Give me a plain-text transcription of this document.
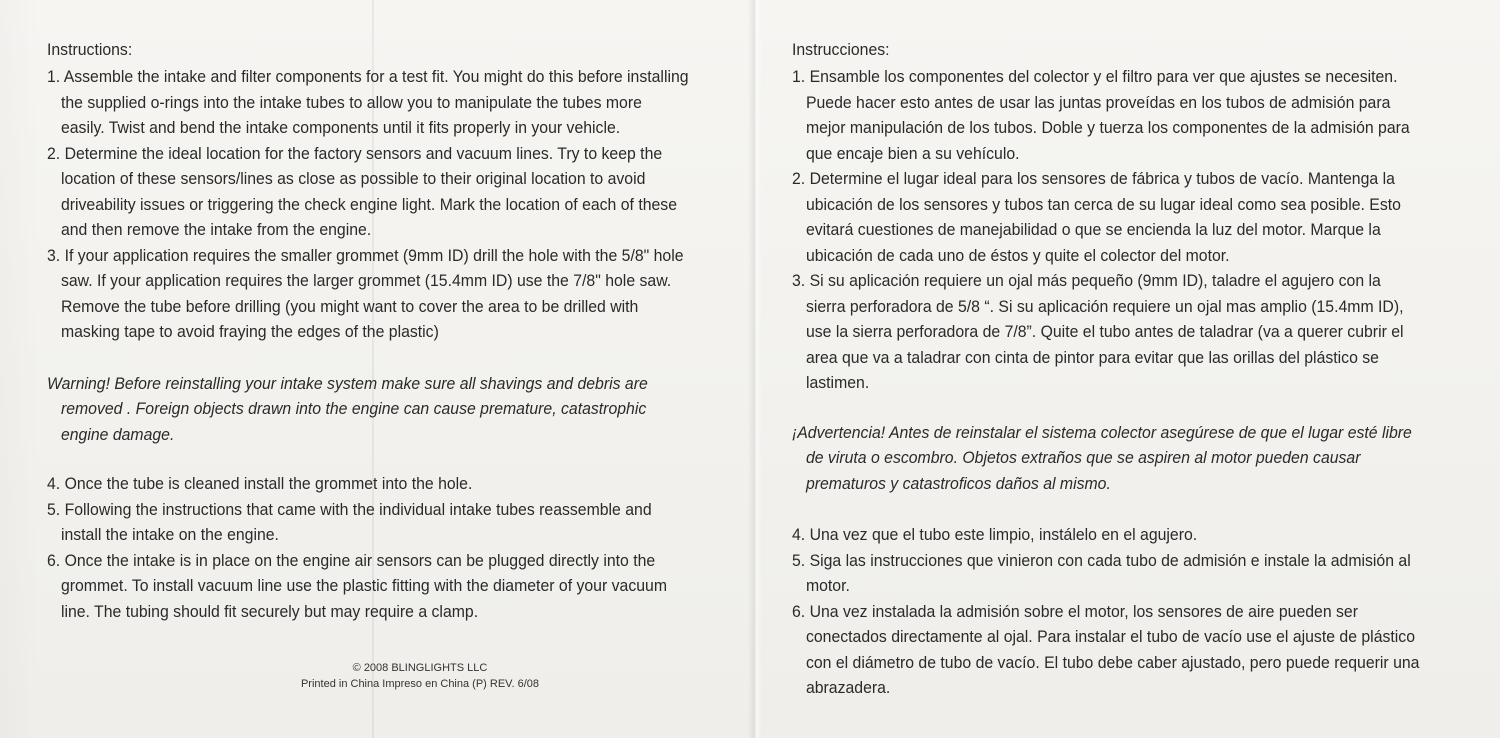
Instructions:
1. Assemble the intake and filter components for a test fit. You might do this before installing the supplied o-rings into the intake tubes to allow you to manipulate the tubes more easily. Twist and bend the intake components until it fits properly in your vehicle.
2. Determine the ideal location for the factory sensors and vacuum lines. Try to keep the location of these sensors/lines as close as possible to their original location to avoid driveability issues or triggering the check engine light. Mark the location of each of these and then remove the intake from the engine.
3. If your application requires the smaller grommet (9mm ID) drill the hole with the 5/8" hole saw. If your application requires the larger grommet (15.4mm ID) use the 7/8" hole saw. Remove the tube before drilling (you might want to cover the area to be drilled with masking tape to avoid fraying the edges of the plastic)
Warning! Before reinstalling your intake system make sure all shavings and debris are removed . Foreign objects drawn into the engine can cause premature, catastrophic engine damage.
4. Once the tube is cleaned install the grommet into the hole.
5. Following the instructions that came with the individual intake tubes reassemble and install the intake on the engine.
6. Once the intake is in place on the engine air sensors can be plugged directly into the grommet. To install vacuum line use the plastic fitting with the diameter of your vacuum line. The tubing should fit securely but may require a clamp.
© 2008 BLINGLIGHTS LLC
Printed in China Impreso en China (P) REV. 6/08
Instrucciones:
1. Ensamble los componentes del colector y el filtro para ver que ajustes se necesiten. Puede hacer esto antes de usar las juntas proveídas en los tubos de admisión para mejor manipulación de los tubos. Doble y tuerza los componentes de la admisión para que encaje bien a su vehículo.
2. Determine el lugar ideal para los sensores de fábrica y tubos de vacío. Mantenga la ubicación de los sensores y tubos tan cerca de su lugar ideal como sea posible. Esto evitará cuestiones de manejabilidad o que se encienda la luz del motor. Marque la ubicación de cada uno de éstos y quite el colector del motor.
3. Si su aplicación requiere un ojal más pequeño (9mm ID), taladre el agujero con la sierra perforadora de 5/8 “. Si su aplicación requiere un ojal mas amplio (15.4mm ID), use la sierra perforadora de 7/8”. Quite el tubo antes de taladrar (va a querer cubrir el area que va a taladrar con cinta de pintor para evitar que las orillas del plástico se lastimen.
¡Advertencia! Antes de reinstalar el sistema colector asegúrese de que el lugar esté libre de viruta o escombro. Objetos extraños que se aspiren al motor pueden causar prematuros y catastroficos daños al mismo.
4. Una vez que el tubo este limpio, instálelo en el agujero.
5. Siga las instrucciones que vinieron con cada tubo de admisión e instale la admisión al motor.
6. Una vez instalada la admisión sobre el motor, los sensores de aire pueden ser conectados directamente al ojal. Para instalar el tubo de vacío use el ajuste de plástico con el diámetro de tubo de vacío. El tubo debe caber ajustado, pero puede requerir una abrazadera.
